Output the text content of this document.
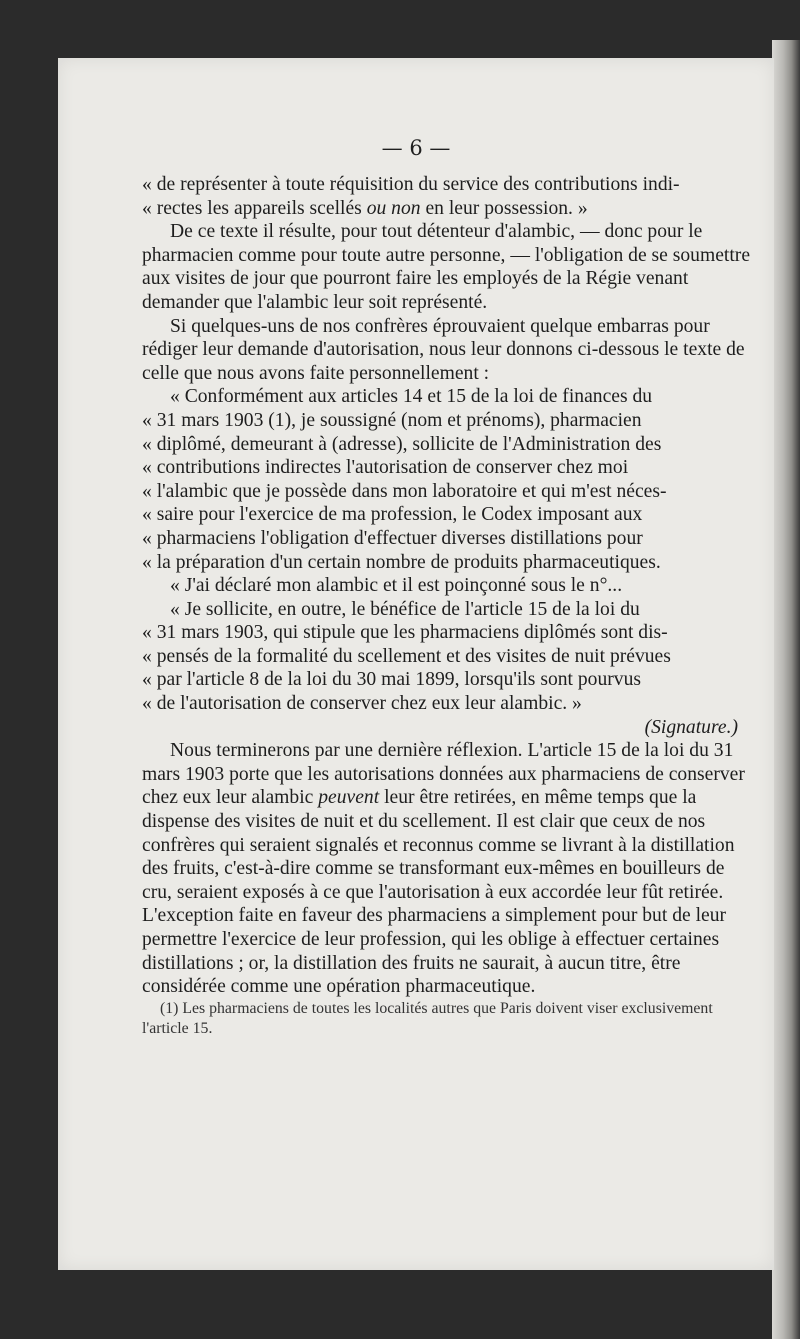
— 6 —

« de représenter à toute réquisition du service des contributions indi-

« rectes les appareils scellés ou non en leur possession. »

De ce texte il résulte, pour tout détenteur d'alambic, — donc pour le pharmacien comme pour toute autre personne, — l'obligation de se soumettre aux visites de jour que pourront faire les employés de la Régie venant demander que l'alambic leur soit représenté.

Si quelques-uns de nos confrères éprouvaient quelque embarras pour rédiger leur demande d'autorisation, nous leur donnons ci-dessous le texte de celle que nous avons faite personnellement :

« Conformément aux articles 14 et 15 de la loi de finances du

« 31 mars 1903 (1), je soussigné (nom et prénoms), pharmacien

« diplômé, demeurant à (adresse), sollicite de l'Administration des

« contributions indirectes l'autorisation de conserver chez moi

« l'alambic que je possède dans mon laboratoire et qui m'est néces-

« saire pour l'exercice de ma profession, le Codex imposant aux

« pharmaciens l'obligation d'effectuer diverses distillations pour

« la préparation d'un certain nombre de produits pharmaceutiques.

« J'ai déclaré mon alambic et il est poinçonné sous le n°...

« Je sollicite, en outre, le bénéfice de l'article 15 de la loi du

« 31 mars 1903, qui stipule que les pharmaciens diplômés sont dis-

« pensés de la formalité du scellement et des visites de nuit prévues

« par l'article 8 de la loi du 30 mai 1899, lorsqu'ils sont pourvus

« de l'autorisation de conserver chez eux leur alambic. »

(Signature.)

Nous terminerons par une dernière réflexion. L'article 15 de la loi du 31 mars 1903 porte que les autorisations données aux pharmaciens de conserver chez eux leur alambic peuvent leur être retirées, en même temps que la dispense des visites de nuit et du scellement. Il est clair que ceux de nos confrères qui seraient signalés et reconnus comme se livrant à la distillation des fruits, c'est-à-dire comme se transformant eux-mêmes en bouilleurs de cru, seraient exposés à ce que l'autorisation à eux accordée leur fût retirée. L'exception faite en faveur des pharmaciens a simplement pour but de leur permettre l'exercice de leur profession, qui les oblige à effectuer certaines distillations ; or, la distillation des fruits ne saurait, à aucun titre, être considérée comme une opération pharmaceutique.

(1) Les pharmaciens de toutes les localités autres que Paris doivent viser exclusivement l'article 15.
